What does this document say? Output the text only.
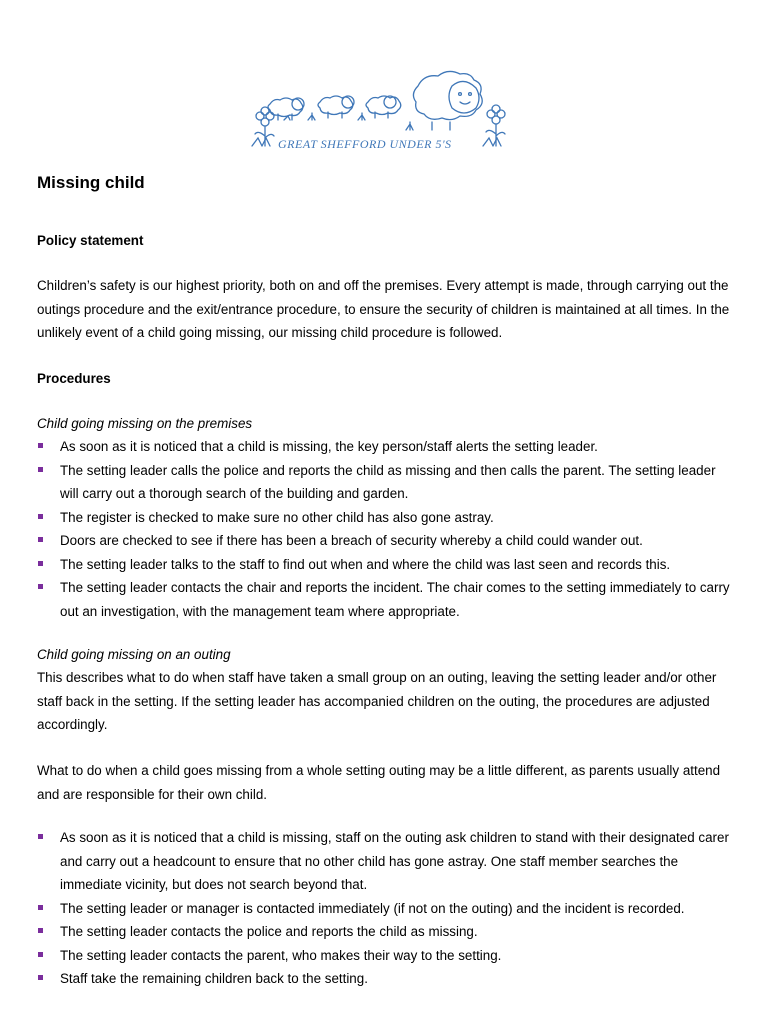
GREAT SHEFFORD UNDER 5'S
Missing child
Policy statement

Children’s safety is our highest priority, both on and off the premises. Every attempt is made, through carrying out the outings procedure and the exit/entrance procedure, to ensure the security of children is maintained at all times. In the unlikely event of a child going missing, our missing child procedure is followed.

Procedures

Child going missing on the premises

As soon as it is noticed that a child is missing, the key person/staff alerts the setting leader.
The setting leader calls the police and reports the child as missing and then calls the parent. The setting leader will carry out a thorough search of the building and garden.
The register is checked to make sure no other child has also gone astray.
Doors are checked to see if there has been a breach of security whereby a child could wander out.
The setting leader talks to the staff to find out when and where the child was last seen and records this.
The setting leader contacts the chair and reports the incident. The chair comes to the setting immediately to carry out an investigation, with the management team where appropriate.

Child going missing on an outing

This describes what to do when staff have taken a small group on an outing, leaving the setting leader and/or other staff back in the setting. If the setting leader has accompanied children on the outing, the procedures are adjusted accordingly.

What to do when a child goes missing from a whole setting outing may be a little different, as parents usually attend and are responsible for their own child.

As soon as it is noticed that a child is missing, staff on the outing ask children to stand with their designated carer and carry out a headcount to ensure that no other child has gone astray. One staff member searches the immediate vicinity, but does not search beyond that.
The setting leader or manager is contacted immediately (if not on the outing) and the incident is recorded.
The setting leader contacts the police and reports the child as missing.
The setting leader contacts the parent, who makes their way to the setting.
Staff take the remaining children back to the setting.
